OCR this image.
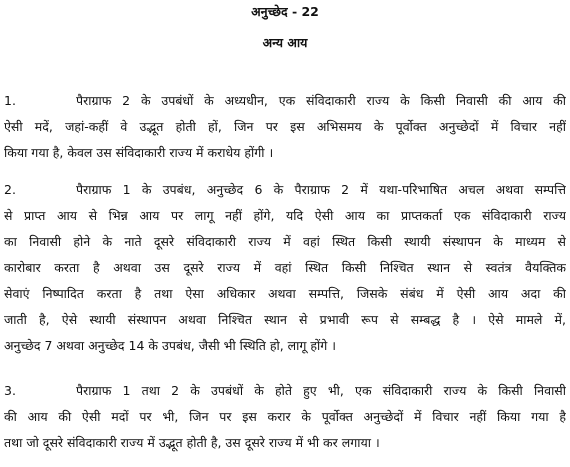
अनुच्छेद - 22
अन्य आय
1.	पैराग्राफ 2 के उपबंधों के अध्यधीन, एक संविदाकारी राज्य के किसी निवासी की आय की
ऐसी मदें, जहां-कहीं वे उद्भूत होती हों, जिन पर इस अभिसमय के पूर्वोक्त अनुच्छेदों में विचार नहीं
किया गया है, केवल उस संविदाकारी राज्य में कराधेय होंगी ।
2.	पैराग्राफ 1 के उपबंध, अनुच्छेद 6 के पैराग्राफ 2 में यथा-परिभाषित अचल अथवा सम्पत्ति
से प्राप्त आय से भिन्न आय पर लागू नहीं होंगे, यदि ऐसी आय का प्राप्तकर्ता एक संविदाकारी राज्य
का निवासी होने के नाते दूसरे संविदाकारी राज्य में वहां स्थित किसी स्थायी संस्थापन के माध्यम से
कारोबार करता है अथवा उस दूसरे राज्य में वहां स्थित किसी निश्चित स्थान से स्वतंत्र वैयक्तिक
सेवाएं निष्पादित करता है तथा ऐसा अधिकार अथवा सम्पत्ति, जिसके संबंध में ऐसी आय अदा की
जाती है, ऐसे स्थायी संस्थापन अथवा निश्चित स्थान से प्रभावी रूप से सम्बद्ध है । ऐसे मामले में,
अनुच्छेद 7 अथवा अनुच्छेद 14 के उपबंध, जैसी भी स्थिति हो, लागू होंगे ।
3.	पैराग्राफ 1 तथा 2 के उपबंधों के होते हुए भी, एक संविदाकारी राज्य के किसी निवासी
की आय की ऐसी मदों पर भी, जिन पर इस करार के पूर्वोक्त अनुच्छेदों में विचार नहीं किया गया है
तथा जो दूसरे संविदाकारी राज्य में उद्भूत होती है, उस दूसरे राज्य में भी कर लगाया ।
